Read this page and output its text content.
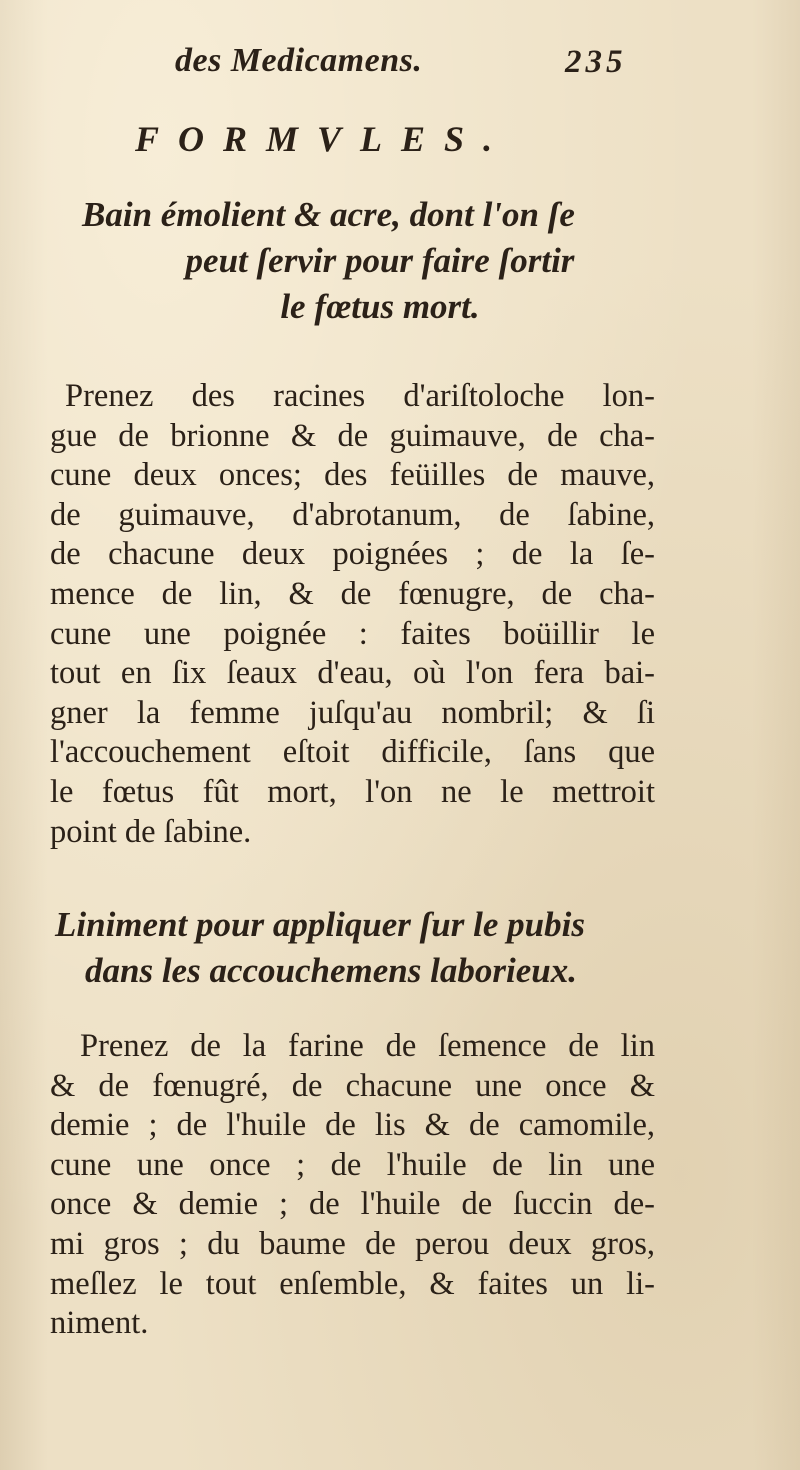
des Medicamens.	235
FORMVLES.
Bain émolient & acre, dont l'on ſe
peut ſervir pour faire ſortir
le fœtus mort.
Prenez des racines d'ariſtoloche lon-
gue de brionne & de guimauve, de cha-
cune deux onces; des feüilles de mauve,
de guimauve, d'abrotanum, de ſabine,
de chacune deux poignées ; de la ſe-
mence de lin, & de fœnugre, de cha-
cune une poignée : faites boüillir le
tout en ſix ſeaux d'eau, où l'on fera bai-
gner la femme juſqu'au nombril; & ſi
l'accouchement eſtoit difficile, ſans que
le fœtus fût mort, l'on ne le mettroit
point de ſabine.
Liniment pour appliquer ſur le pubis
dans les accouchemens laborieux.
Prenez de la farine de ſemence de lin
& de fœnugré, de chacune une once &
demie ; de l'huile de lis & de camomile,
cune une once ; de l'huile de lin une
once & demie ; de l'huile de ſuccin de-
mi gros ; du baume de perou deux gros,
meſlez le tout enſemble, & faites un li-
niment.
